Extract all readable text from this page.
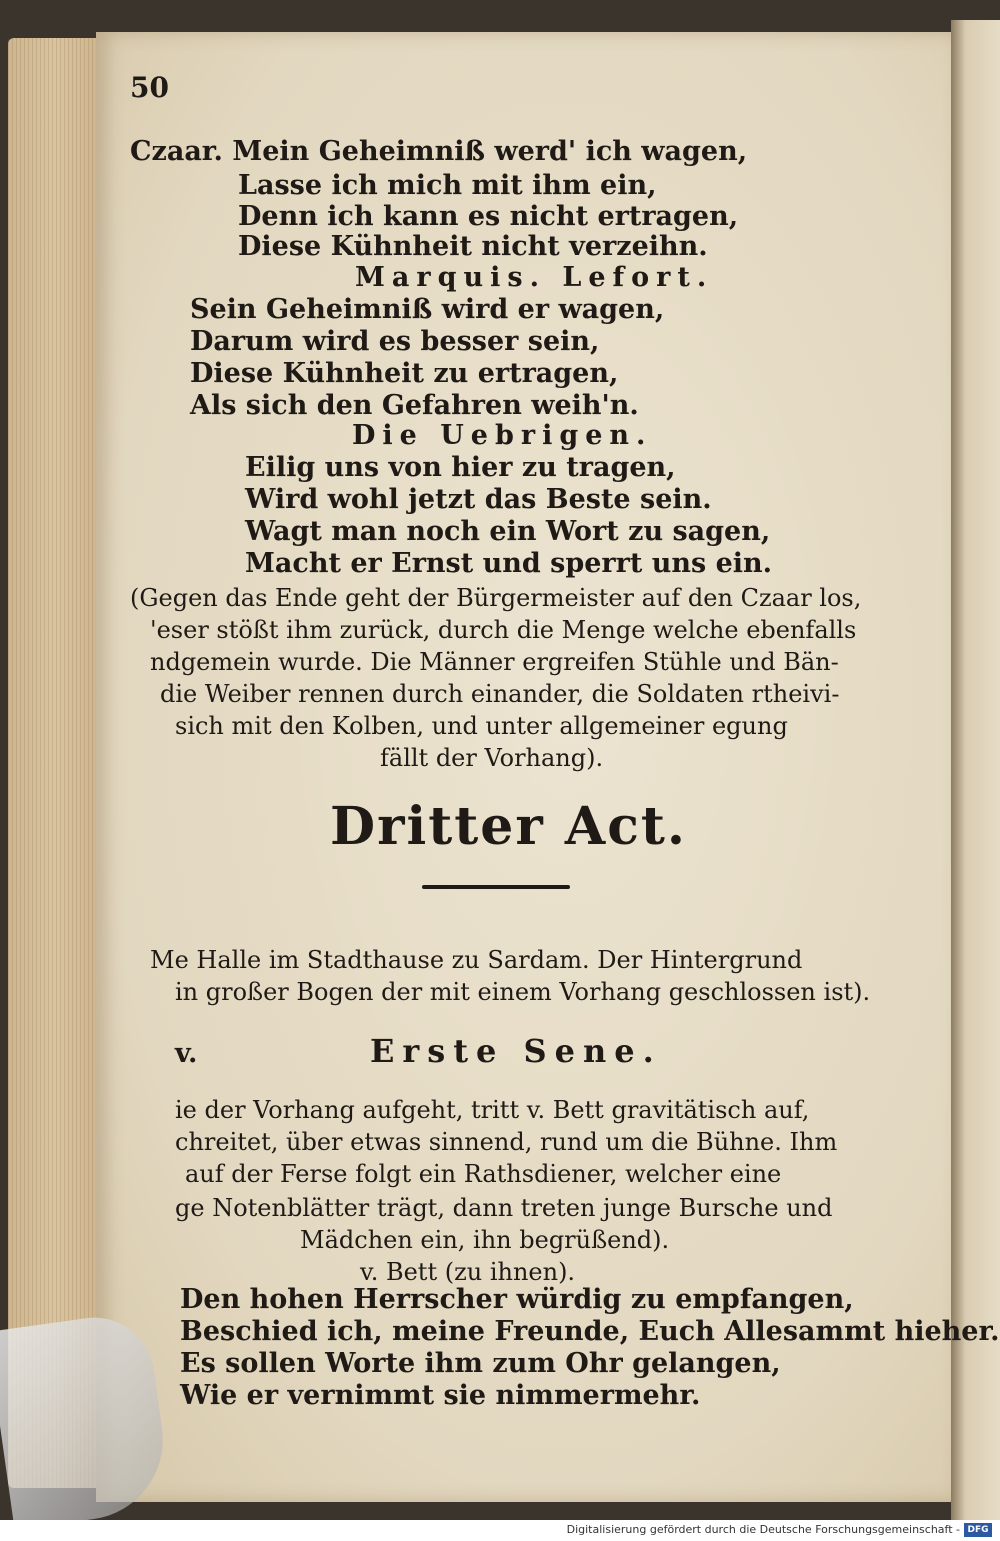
50
Czaar. Mein Geheimniß werd' ich wagen,
Lasse ich mich mit ihm ein,
Denn ich kann es nicht ertragen,
Diese Kühnheit nicht verzeihn.
Marquis. Lefort.
Sein Geheimniß wird er wagen,
Darum wird es besser sein,
Diese Kühnheit zu ertragen,
Als sich den Gefahren weih'n.
Die Uebrigen.
Eilig uns von hier zu tragen,
Wird wohl jetzt das Beste sein.
Wagt man noch ein Wort zu sagen,
Macht er Ernst und sperrt uns ein.
(Gegen das Ende geht der Bürgermeister auf den Czaar los,
'eser stößt ihm zurück, durch die Menge welche ebenfalls
ndgemein wurde. Die Männer ergreifen Stühle und Bän-
die Weiber rennen durch einander, die Soldaten rtheivi-
sich mit den Kolben, und unter allgemeiner egung
fällt der Vorhang).
Dritter Act.
Me Halle im Stadthause zu Sardam. Der Hintergrund
in großer Bogen der mit einem Vorhang geschlossen ist).
v.	Erste Sene.
ie der Vorhang aufgeht, tritt v. Bett gravitätisch auf,
chreitet, über etwas sinnend, rund um die Bühne. Ihm
auf der Ferse folgt ein Rathsdiener, welcher eine
ge Notenblätter trägt, dann treten junge Bursche und
Mädchen ein, ihn begrüßend).
v. Bett (zu ihnen).
Den hohen Herrscher würdig zu empfangen,
Beschied ich, meine Freunde, Euch Allesammt hieher.
Es sollen Worte ihm zum Ohr gelangen,
Wie er vernimmt sie nimmermehr.
Digitalisierung gefördert durch die Deutsche Forschungsgemeinschaft - DFG
